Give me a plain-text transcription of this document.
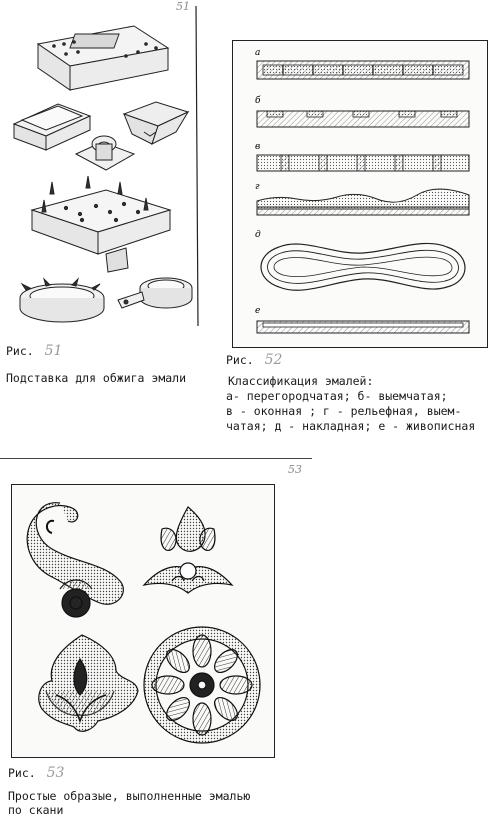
51
53
а
б
в
г
д
е
Рис. 51
Подставка для обжига эмали
Рис. 52
Классификация эмалей:
а- перегородчатая; б- выемчатая;
в - оконная ; г - рельефная, выем-
чатая; д - накладная; е - живописная
Рис. 53
Простые образые, выполненные эмалью
по скани
